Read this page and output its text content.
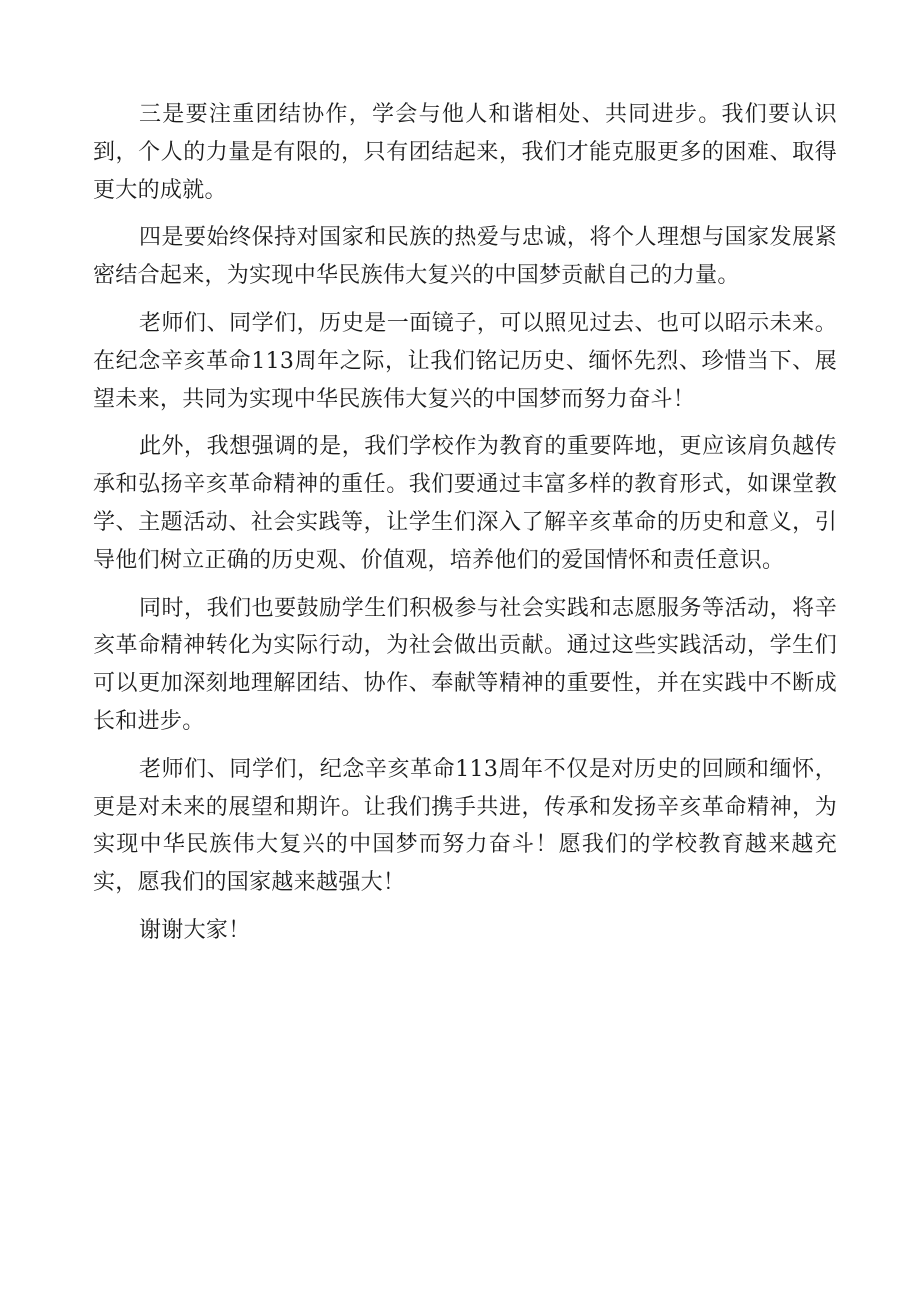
三是要注重团结协作，学会与他人和谐相处、共同进步。我们要认识到，个人的力量是有限的，只有团结起来，我们才能克服更多的困难、取得更大的成就。

四是要始终保持对国家和民族的热爱与忠诚，将个人理想与国家发展紧密结合起来，为实现中华民族伟大复兴的中国梦贡献自己的力量。

老师们、同学们，历史是一面镜子，可以照见过去、也可以昭示未来。在纪念辛亥革命113周年之际，让我们铭记历史、缅怀先烈、珍惜当下、展望未来，共同为实现中华民族伟大复兴的中国梦而努力奋斗！

此外，我想强调的是，我们学校作为教育的重要阵地，更应该肩负越传承和弘扬辛亥革命精神的重任。我们要通过丰富多样的教育形式，如课堂教学、主题活动、社会实践等，让学生们深入了解辛亥革命的历史和意义，引导他们树立正确的历史观、价值观，培养他们的爱国情怀和责任意识。

同时，我们也要鼓励学生们积极参与社会实践和志愿服务等活动，将辛亥革命精神转化为实际行动，为社会做出贡献。通过这些实践活动，学生们可以更加深刻地理解团结、协作、奉献等精神的重要性，并在实践中不断成长和进步。

老师们、同学们，纪念辛亥革命113周年不仅是对历史的回顾和缅怀，更是对未来的展望和期许。让我们携手共进，传承和发扬辛亥革命精神，为实现中华民族伟大复兴的中国梦而努力奋斗！愿我们的学校教育越来越充实，愿我们的国家越来越强大！

谢谢大家！
